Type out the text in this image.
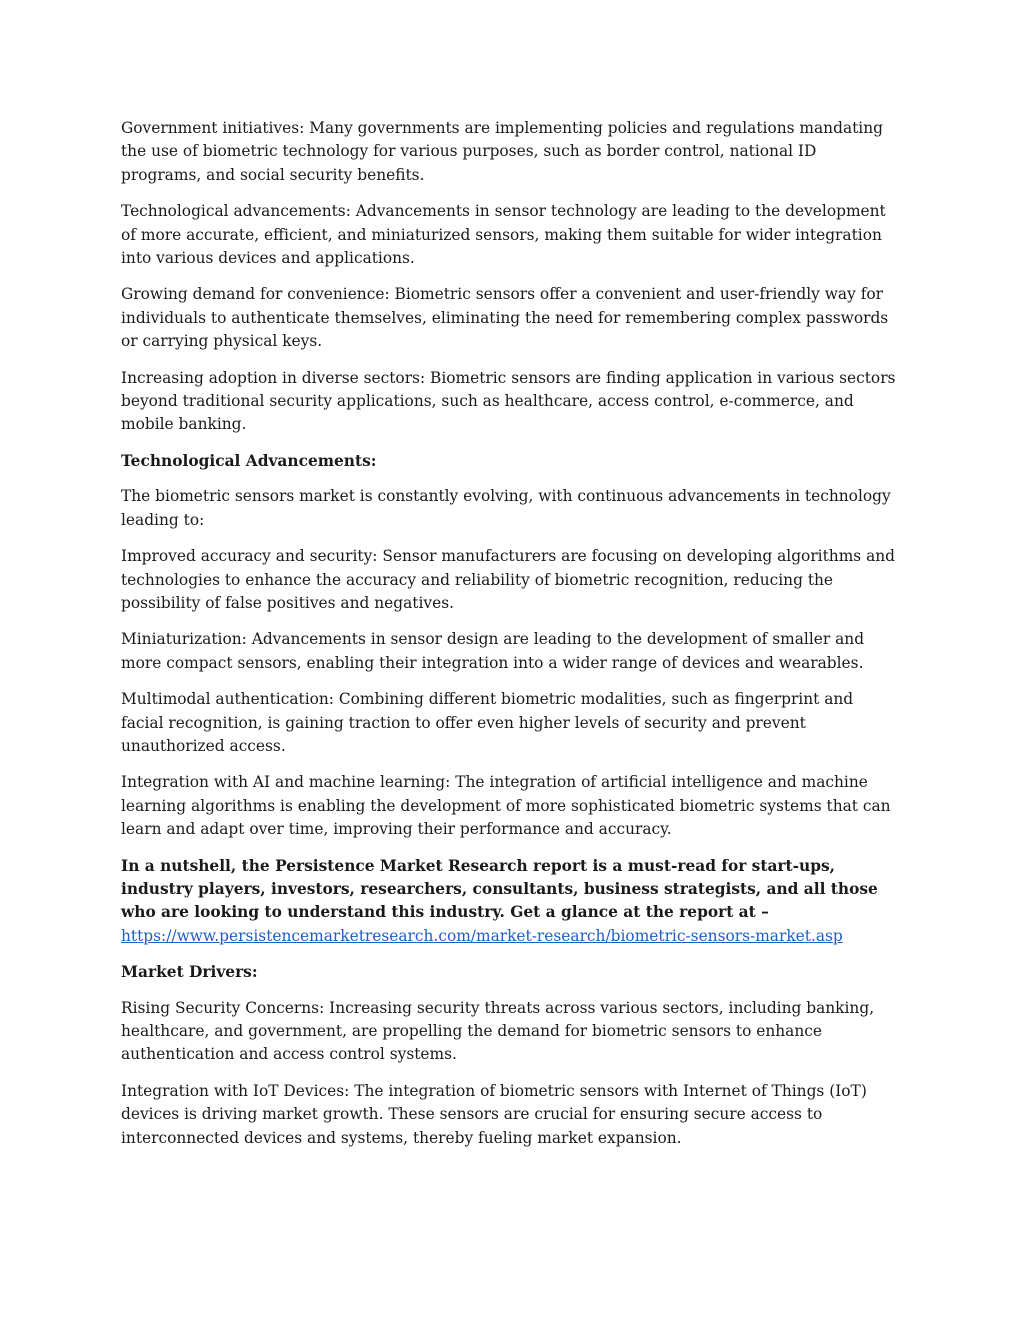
Government initiatives: Many governments are implementing policies and regulations mandating the use of biometric technology for various purposes, such as border control, national ID programs, and social security benefits.

Technological advancements: Advancements in sensor technology are leading to the development of more accurate, efficient, and miniaturized sensors, making them suitable for wider integration into various devices and applications.

Growing demand for convenience: Biometric sensors offer a convenient and user-friendly way for individuals to authenticate themselves, eliminating the need for remembering complex passwords or carrying physical keys.

Increasing adoption in diverse sectors: Biometric sensors are finding application in various sectors beyond traditional security applications, such as healthcare, access control, e-commerce, and mobile banking.

Technological Advancements:

The biometric sensors market is constantly evolving, with continuous advancements in technology leading to:

Improved accuracy and security: Sensor manufacturers are focusing on developing algorithms and technologies to enhance the accuracy and reliability of biometric recognition, reducing the possibility of false positives and negatives.

Miniaturization: Advancements in sensor design are leading to the development of smaller and more compact sensors, enabling their integration into a wider range of devices and wearables.

Multimodal authentication: Combining different biometric modalities, such as fingerprint and facial recognition, is gaining traction to offer even higher levels of security and prevent unauthorized access.

Integration with AI and machine learning: The integration of artificial intelligence and machine learning algorithms is enabling the development of more sophisticated biometric systems that can learn and adapt over time, improving their performance and accuracy.

In a nutshell, the Persistence Market Research report is a must-read for start-ups, industry players, investors, researchers, consultants, business strategists, and all those who are looking to understand this industry. Get a glance at the report at –
https://www.persistencemarketresearch.com/market-research/biometric-sensors-market.asp

Market Drivers:

Rising Security Concerns: Increasing security threats across various sectors, including banking, healthcare, and government, are propelling the demand for biometric sensors to enhance authentication and access control systems.

Integration with IoT Devices: The integration of biometric sensors with Internet of Things (IoT) devices is driving market growth. These sensors are crucial for ensuring secure access to interconnected devices and systems, thereby fueling market expansion.
